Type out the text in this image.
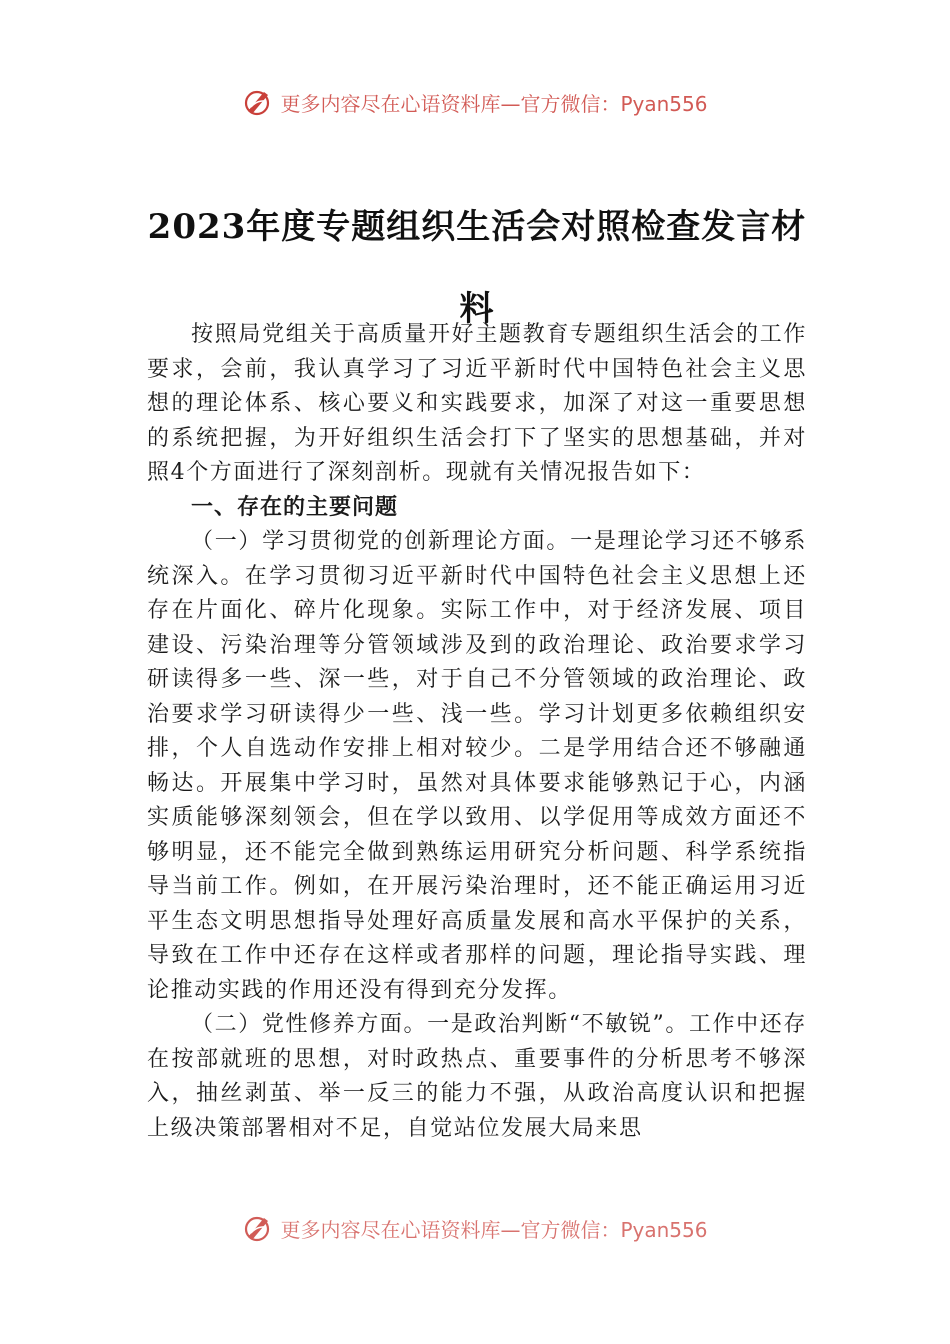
更多内容尽在心语资料库—官方微信：Pyan556
2023年度专题组织生活会对照检查发言材料

按照局党组关于高质量开好主题教育专题组织生活会的工作要求，会前，我认真学习了习近平新时代中国特色社会主义思想的理论体系、核心要义和实践要求，加深了对这一重要思想的系统把握，为开好组织生活会打下了坚实的思想基础，并对照4个方面进行了深刻剖析。现就有关情况报告如下：

一、存在的主要问题

（一）学习贯彻党的创新理论方面。一是理论学习还不够系统深入。在学习贯彻习近平新时代中国特色社会主义思想上还存在片面化、碎片化现象。实际工作中，对于经济发展、项目建设、污染治理等分管领域涉及到的政治理论、政治要求学习研读得多一些、深一些，对于自己不分管领域的政治理论、政治要求学习研读得少一些、浅一些。学习计划更多依赖组织安排，个人自选动作安排上相对较少。二是学用结合还不够融通畅达。开展集中学习时，虽然对具体要求能够熟记于心，内涵实质能够深刻领会，但在学以致用、以学促用等成效方面还不够明显，还不能完全做到熟练运用研究分析问题、科学系统指导当前工作。例如，在开展污染治理时，还不能正确运用习近平生态文明思想指导处理好高质量发展和高水平保护的关系，导致在工作中还存在这样或者那样的问题，理论指导实践、理论推动实践的作用还没有得到充分发挥。

（二）党性修养方面。一是政治判断“不敏锐”。工作中还存在按部就班的思想，对时政热点、重要事件的分析思考不够深入，抽丝剥茧、举一反三的能力不强，从政治高度认识和把握上级决策部署相对不足，自觉站位发展大局来思

更多内容尽在心语资料库—官方微信：Pyan556
